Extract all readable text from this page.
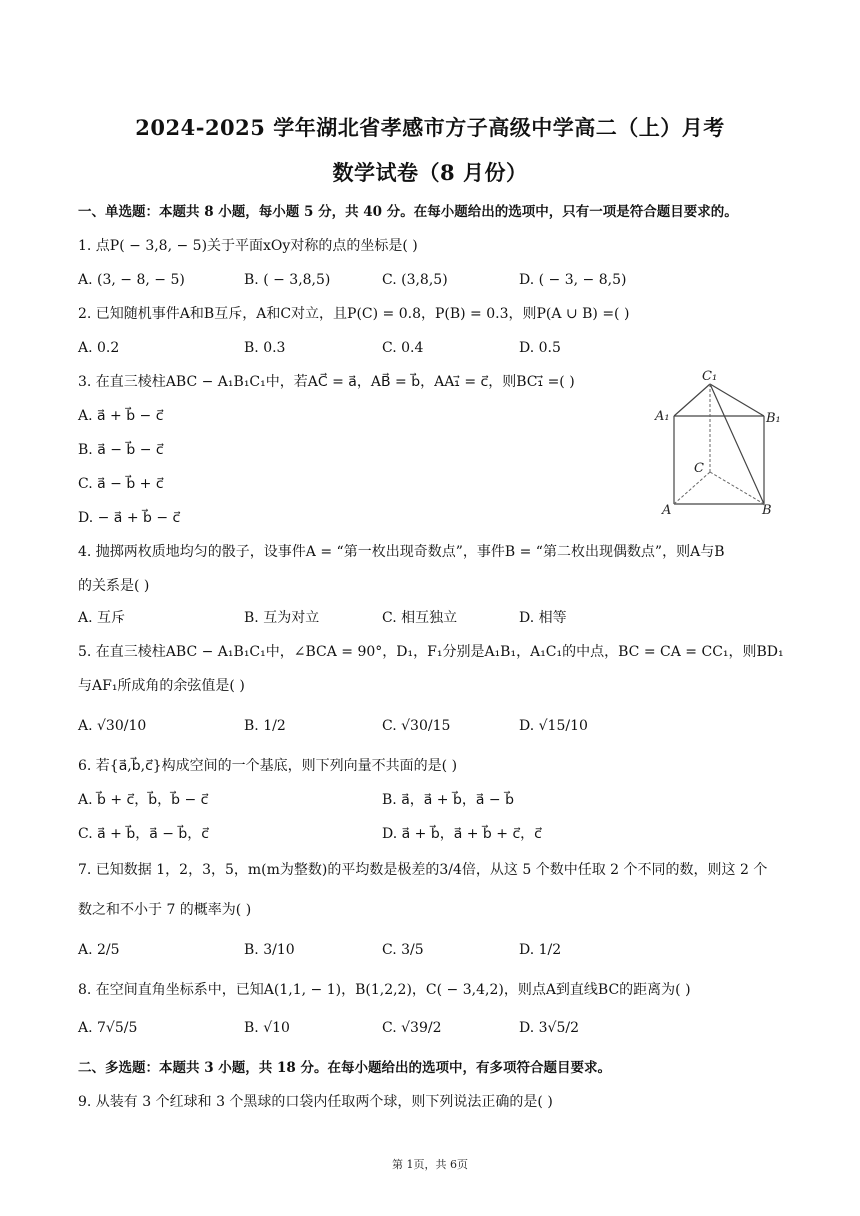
2024-2025 学年湖北省孝感市方子高级中学高二（上）月考
数学试卷（8 月份）
一、单选题：本题共 8 小题，每小题 5 分，共 40 分。在每小题给出的选项中，只有一项是符合题目要求的。
1. 点P( − 3,8, − 5)关于平面xOy对称的点的坐标是( )
A. (3, − 8, − 5)	B. ( − 3,8,5)	C. (3,8,5)	D. ( − 3, − 8,5)
2. 已知随机事件A和B互斥，A和C对立，且P(C) = 0.8，P(B) = 0.3，则P(A ∪ B) =( )
A. 0.2	B. 0.3	C. 0.4	D. 0.5
3. 在直三棱柱ABC − A₁B₁C₁中，若AC⃗ = a⃗，AB⃗ = b⃗，AA₁⃗ = c⃗，则BC₁⃗ =( )
A. a⃗ + b⃗ − c⃗
B. a⃗ − b⃗ − c⃗
C. a⃗ − b⃗ + c⃗
D. − a⃗ + b⃗ − c⃗
C₁
A₁	B₁
C
A	B
4. 抛掷两枚质地均匀的骰子，设事件A = “第一枚出现奇数点”，事件B = “第二枚出现偶数点”，则A与B
的关系是( )
A. 互斥	B. 互为对立	C. 相互独立	D. 相等
5. 在直三棱柱ABC − A₁B₁C₁中，∠BCA = 90°，D₁，F₁分别是A₁B₁，A₁C₁的中点，BC = CA = CC₁，则BD₁
与AF₁所成角的余弦值是( )
A. √30/10	B. 1/2	C. √30/15	D. √15/10
6. 若{a⃗,b⃗,c⃗}构成空间的一个基底，则下列向量不共面的是( )
A. b⃗ + c⃗，b⃗，b⃗ − c⃗	B. a⃗，a⃗ + b⃗，a⃗ − b⃗
C. a⃗ + b⃗，a⃗ − b⃗，c⃗	D. a⃗ + b⃗，a⃗ + b⃗ + c⃗，c⃗
7. 已知数据 1，2，3，5，m(m为整数)的平均数是极差的3/4倍，从这 5 个数中任取 2 个不同的数，则这 2 个
数之和不小于 7 的概率为( )
A. 2/5	B. 3/10	C. 3/5	D. 1/2
8. 在空间直角坐标系中，已知A(1,1, − 1)，B(1,2,2)，C( − 3,4,2)，则点A到直线BC的距离为( )
A. 7√5/5	B. √10	C. √39/2	D. 3√5/2
二、多选题：本题共 3 小题，共 18 分。在每小题给出的选项中，有多项符合题目要求。
9. 从装有 3 个红球和 3 个黑球的口袋内任取两个球，则下列说法正确的是( )
第 1页，共 6页
